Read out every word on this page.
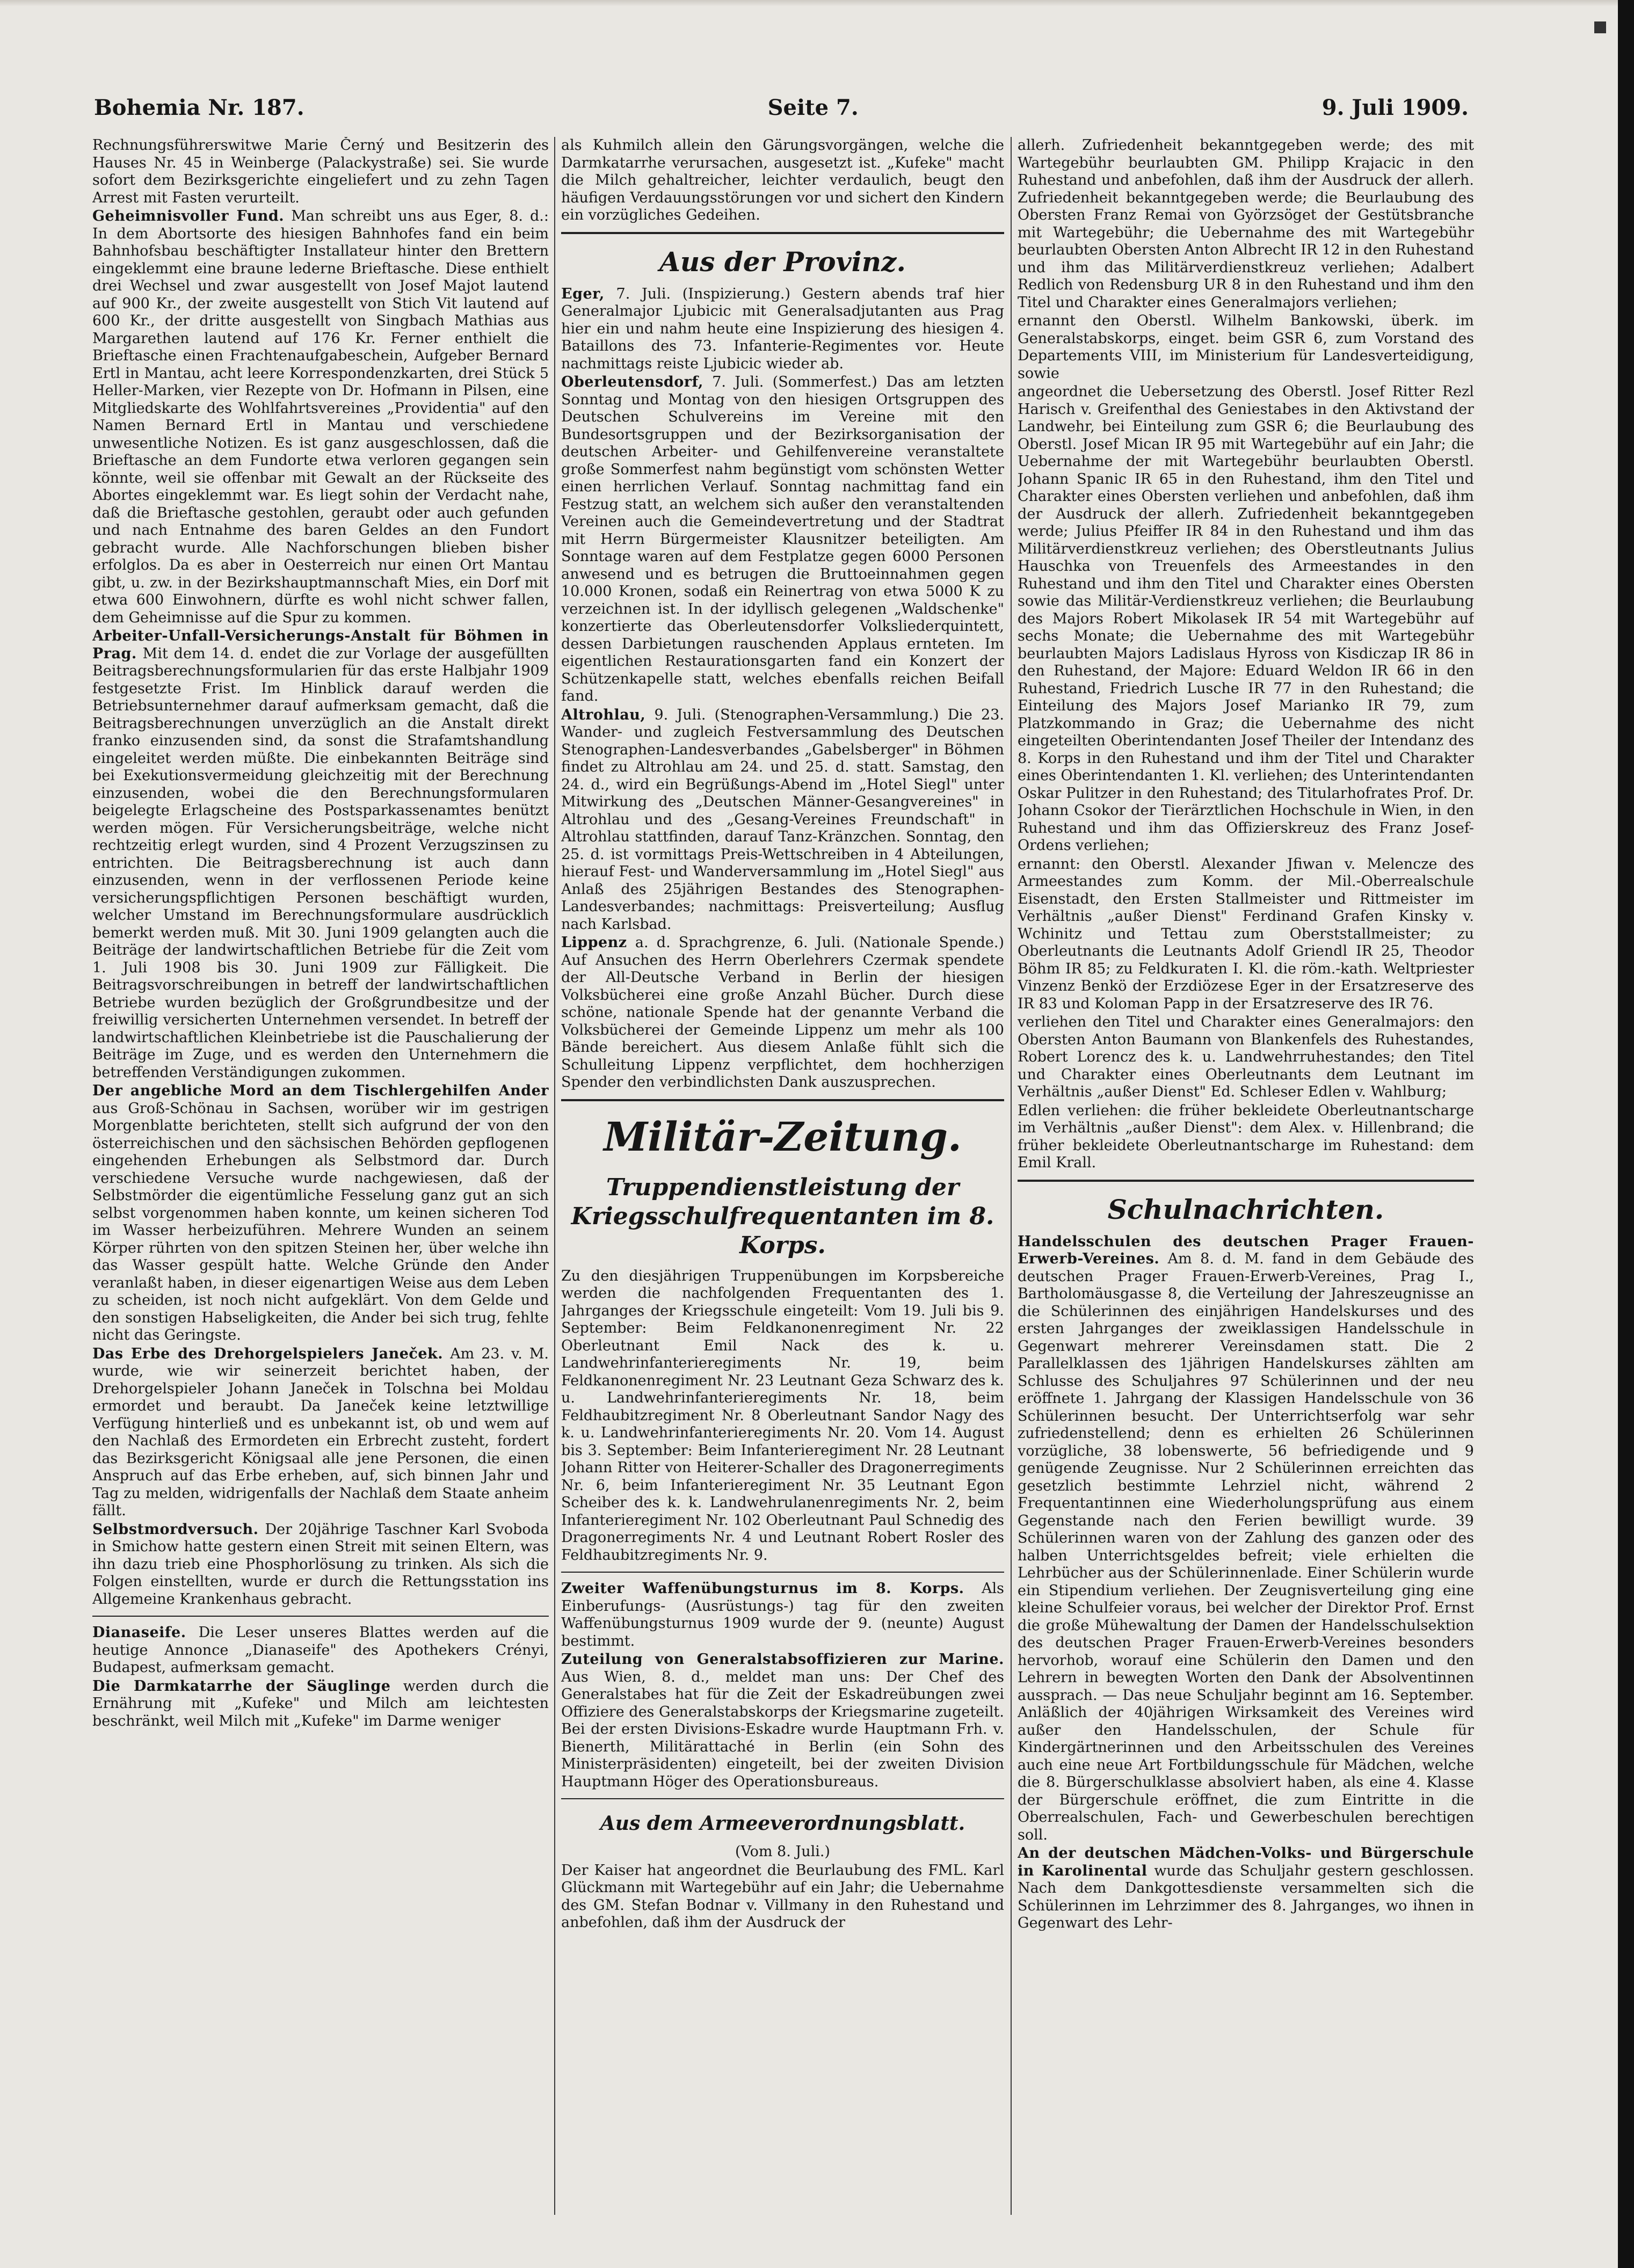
Bohemia Nr. 187.	Seite 7.	9. Juli 1909.

Rechnungsführerswitwe Marie Černý und Besitzerin des Hauses Nr. 45 in Weinberge (Palackystraße) sei. Sie wurde sofort dem Bezirksgerichte eingeliefert und zu zehn Tagen Arrest mit Fasten verurteilt.

Geheimnisvoller Fund. Man schreibt uns aus Eger, 8. d.: In dem Abortsorte des hiesigen Bahnhofes fand ein beim Bahnhofsbau beschäftigter Installateur hinter den Brettern eingeklemmt eine braune lederne Brieftasche. Diese enthielt drei Wechsel und zwar ausgestellt von Josef Majot lautend auf 900 Kr., der zweite ausgestellt von Stich Vit lautend auf 600 Kr., der dritte ausgestellt von Singbach Mathias aus Margarethen lautend auf 176 Kr. Ferner enthielt die Brieftasche einen Frachtenaufgabeschein, Aufgeber Bernard Ertl in Mantau, acht leere Korrespondenzkarten, drei Stück 5 Heller-Marken, vier Rezepte von Dr. Hofmann in Pilsen, eine Mitgliedskarte des Wohlfahrtsvereines „Providentia" auf den Namen Bernard Ertl in Mantau und verschiedene unwesentliche Notizen. Es ist ganz ausgeschlossen, daß die Brieftasche an dem Fundorte etwa verloren gegangen sein könnte, weil sie offenbar mit Gewalt an der Rückseite des Abortes eingeklemmt war. Es liegt sohin der Verdacht nahe, daß die Brieftasche gestohlen, geraubt oder auch gefunden und nach Entnahme des baren Geldes an den Fundort gebracht wurde. Alle Nachforschungen blieben bisher erfolglos. Da es aber in Oesterreich nur einen Ort Mantau gibt, u. zw. in der Bezirkshauptmannschaft Mies, ein Dorf mit etwa 600 Einwohnern, dürfte es wohl nicht schwer fallen, dem Geheimnisse auf die Spur zu kommen.

Arbeiter-Unfall-Versicherungs-Anstalt für Böhmen in Prag. Mit dem 14. d. endet die zur Vorlage der ausgefüllten Beitragsberechnungsformularien für das erste Halbjahr 1909 festgesetzte Frist. Im Hinblick darauf werden die Betriebsunternehmer darauf aufmerksam gemacht, daß die Beitragsberechnungen unverzüglich an die Anstalt direkt franko einzusenden sind, da sonst die Strafamtshandlung eingeleitet werden müßte. Die einbekannten Beiträge sind bei Exekutionsvermeidung gleichzeitig mit der Berechnung einzusenden, wobei die den Berechnungsformularen beigelegte Erlagscheine des Postsparkassenamtes benützt werden mögen. Für Versicherungsbeiträge, welche nicht rechtzeitig erlegt wurden, sind 4 Prozent Verzugszinsen zu entrichten. Die Beitragsberechnung ist auch dann einzusenden, wenn in der verflossenen Periode keine versicherungspflichtigen Personen beschäftigt wurden, welcher Umstand im Berechnungsformulare ausdrücklich bemerkt werden muß. Mit 30. Juni 1909 gelangten auch die Beiträge der landwirtschaftlichen Betriebe für die Zeit vom 1. Juli 1908 bis 30. Juni 1909 zur Fälligkeit. Die Beitragsvorschreibungen in betreff der landwirtschaftlichen Betriebe wurden bezüglich der Großgrundbesitze und der freiwillig versicherten Unternehmen versendet. In betreff der landwirtschaftlichen Kleinbetriebe ist die Pauschalierung der Beiträge im Zuge, und es werden den Unternehmern die betreffenden Verständigungen zukommen.

Der angebliche Mord an dem Tischlergehilfen Ander aus Groß-Schönau in Sachsen, worüber wir im gestrigen Morgenblatte berichteten, stellt sich aufgrund der von den österreichischen und den sächsischen Behörden gepflogenen eingehenden Erhebungen als Selbstmord dar. Durch verschiedene Versuche wurde nachgewiesen, daß der Selbstmörder die eigentümliche Fesselung ganz gut an sich selbst vorgenommen haben konnte, um keinen sicheren Tod im Wasser herbeizuführen. Mehrere Wunden an seinem Körper rührten von den spitzen Steinen her, über welche ihn das Wasser gespült hatte. Welche Gründe den Ander veranlaßt haben, in dieser eigenartigen Weise aus dem Leben zu scheiden, ist noch nicht aufgeklärt. Von dem Gelde und den sonstigen Habseligkeiten, die Ander bei sich trug, fehlte nicht das Geringste.

Das Erbe des Drehorgelspielers Janeček. Am 23. v. M. wurde, wie wir seinerzeit berichtet haben, der Drehorgelspieler Johann Janeček in Tolschna bei Moldau ermordet und beraubt. Da Janeček keine letztwillige Verfügung hinterließ und es unbekannt ist, ob und wem auf den Nachlaß des Ermordeten ein Erbrecht zusteht, fordert das Bezirksgericht Königsaal alle jene Personen, die einen Anspruch auf das Erbe erheben, auf, sich binnen Jahr und Tag zu melden, widrigenfalls der Nachlaß dem Staate anheim fällt.

Selbstmordversuch. Der 20jährige Taschner Karl Svoboda in Smichow hatte gestern einen Streit mit seinen Eltern, was ihn dazu trieb eine Phosphorlösung zu trinken. Als sich die Folgen einstellten, wurde er durch die Rettungsstation ins Allgemeine Krankenhaus gebracht.

Dianaseife. Die Leser unseres Blattes werden auf die heutige Annonce „Dianaseife" des Apothekers Crényi, Budapest, aufmerksam gemacht.

Die Darmkatarrhe der Säuglinge werden durch die Ernährung mit „Kufeke" und Milch am leichtesten beschränkt, weil Milch mit „Kufeke" im Darme weniger

als Kuhmilch allein den Gärungsvorgängen, welche die Darmkatarrhe verursachen, ausgesetzt ist. „Kufeke" macht die Milch gehaltreicher, leichter verdaulich, beugt den häufigen Verdauungsstörungen vor und sichert den Kindern ein vorzügliches Gedeihen.

Aus der Provinz.

Eger, 7. Juli. (Inspizierung.) Gestern abends traf hier Generalmajor Ljubicic mit Generalsadjutanten aus Prag hier ein und nahm heute eine Inspizierung des hiesigen 4. Bataillons des 73. Infanterie-Regimentes vor. Heute nachmittags reiste Ljubicic wieder ab.

Oberleutensdorf, 7. Juli. (Sommerfest.) Das am letzten Sonntag und Montag von den hiesigen Ortsgruppen des Deutschen Schulvereins im Vereine mit den Bundesortsgruppen und der Bezirksorganisation der deutschen Arbeiter- und Gehilfenvereine veranstaltete große Sommerfest nahm begünstigt vom schönsten Wetter einen herrlichen Verlauf. Sonntag nachmittag fand ein Festzug statt, an welchem sich außer den veranstaltenden Vereinen auch die Gemeindevertretung und der Stadtrat mit Herrn Bürgermeister Klausnitzer beteiligten. Am Sonntage waren auf dem Festplatze gegen 6000 Personen anwesend und es betrugen die Bruttoeinnahmen gegen 10.000 Kronen, sodaß ein Reinertrag von etwa 5000 K zu verzeichnen ist. In der idyllisch gelegenen „Waldschenke" konzertierte das Oberleutensdorfer Volksliederquintett, dessen Darbietungen rauschenden Applaus ernteten. Im eigentlichen Restaurationsgarten fand ein Konzert der Schützenkapelle statt, welches ebenfalls reichen Beifall fand.

Altrohlau, 9. Juli. (Stenographen-Versammlung.) Die 23. Wander- und zugleich Festversammlung des Deutschen Stenographen-Landesverbandes „Gabelsberger" in Böhmen findet zu Altrohlau am 24. und 25. d. statt. Samstag, den 24. d., wird ein Begrüßungs-Abend im „Hotel Siegl" unter Mitwirkung des „Deutschen Männer-Gesangvereines" in Altrohlau und des „Gesang-Vereines Freundschaft" in Altrohlau stattfinden, darauf Tanz-Kränzchen. Sonntag, den 25. d. ist vormittags Preis-Wettschreiben in 4 Abteilungen, hierauf Fest- und Wanderversammlung im „Hotel Siegl" aus Anlaß des 25jährigen Bestandes des Stenographen-Landesverbandes; nachmittags: Preisverteilung; Ausflug nach Karlsbad.

Lippenz a. d. Sprachgrenze, 6. Juli. (Nationale Spende.) Auf Ansuchen des Herrn Oberlehrers Czermak spendete der All-Deutsche Verband in Berlin der hiesigen Volksbücherei eine große Anzahl Bücher. Durch diese schöne, nationale Spende hat der genannte Verband die Volksbücherei der Gemeinde Lippenz um mehr als 100 Bände bereichert. Aus diesem Anlaße fühlt sich die Schulleitung Lippenz verpflichtet, dem hochherzigen Spender den verbindlichsten Dank auszusprechen.

Militär-Zeitung.
Truppendienstleistung der Kriegsschulfrequentanten im 8. Korps.

Zu den diesjährigen Truppenübungen im Korpsbereiche werden die nachfolgenden Frequentanten des 1. Jahrganges der Kriegsschule eingeteilt: Vom 19. Juli bis 9. September: Beim Feldkanonenregiment Nr. 22 Oberleutnant Emil Nack des k. u. Landwehrinfanterieregiments Nr. 19, beim Feldkanonenregiment Nr. 23 Leutnant Geza Schwarz des k. u. Landwehrinfanterieregiments Nr. 18, beim Feldhaubitzregiment Nr. 8 Oberleutnant Sandor Nagy des k. u. Landwehrinfanterieregiments Nr. 20. Vom 14. August bis 3. September: Beim Infanterieregiment Nr. 28 Leutnant Johann Ritter von Heiterer-Schaller des Dragonerregiments Nr. 6, beim Infanterieregiment Nr. 35 Leutnant Egon Scheiber des k. k. Landwehrulanenregiments Nr. 2, beim Infanterieregiment Nr. 102 Oberleutnant Paul Schnedig des Dragonerregiments Nr. 4 und Leutnant Robert Rosler des Feldhaubitzregiments Nr. 9.

Zweiter Waffenübungsturnus im 8. Korps. Als Einberufungs- (Ausrüstungs-) tag für den zweiten Waffenübungsturnus 1909 wurde der 9. (neunte) August bestimmt.

Zuteilung von Generalstabsoffizieren zur Marine. Aus Wien, 8. d., meldet man uns: Der Chef des Generalstabes hat für die Zeit der Eskadreübungen zwei Offiziere des Generalstabskorps der Kriegsmarine zugeteilt. Bei der ersten Divisions-Eskadre wurde Hauptmann Frh. v. Bienerth, Militärattaché in Berlin (ein Sohn des Ministerpräsidenten) eingeteilt, bei der zweiten Division Hauptmann Höger des Operationsbureaus.

Aus dem Armeeverordnungsblatt.

(Vom 8. Juli.)

Der Kaiser hat angeordnet die Beurlaubung des FML. Karl Glückmann mit Wartegebühr auf ein Jahr; die Uebernahme des GM. Stefan Bodnar v. Villmany in den Ruhestand und anbefohlen, daß ihm der Ausdruck der

allerh. Zufriedenheit bekanntgegeben werde; des mit Wartegebühr beurlaubten GM. Philipp Krajacic in den Ruhestand und anbefohlen, daß ihm der Ausdruck der allerh. Zufriedenheit bekanntgegeben werde; die Beurlaubung des Obersten Franz Remai von Györzsöget der Gestütsbranche mit Wartegebühr; die Uebernahme des mit Wartegebühr beurlaubten Obersten Anton Albrecht IR 12 in den Ruhestand und ihm das Militärverdienstkreuz verliehen; Adalbert Redlich von Redensburg UR 8 in den Ruhestand und ihm den Titel und Charakter eines Generalmajors verliehen;

ernannt den Oberstl. Wilhelm Bankowski, überk. im Generalstabskorps, einget. beim GSR 6, zum Vorstand des Departements VIII, im Ministerium für Landesverteidigung, sowie

angeordnet die Uebersetzung des Oberstl. Josef Ritter Rezl Harisch v. Greifenthal des Geniestabes in den Aktivstand der Landwehr, bei Einteilung zum GSR 6; die Beurlaubung des Oberstl. Josef Mican IR 95 mit Wartegebühr auf ein Jahr; die Uebernahme der mit Wartegebühr beurlaubten Oberstl. Johann Spanic IR 65 in den Ruhestand, ihm den Titel und Charakter eines Obersten verliehen und anbefohlen, daß ihm der Ausdruck der allerh. Zufriedenheit bekanntgegeben werde; Julius Pfeiffer IR 84 in den Ruhestand und ihm das Militärverdienstkreuz verliehen; des Oberstleutnants Julius Hauschka von Treuenfels des Armeestandes in den Ruhestand und ihm den Titel und Charakter eines Obersten sowie das Militär-Verdienstkreuz verliehen; die Beurlaubung des Majors Robert Mikolasek IR 54 mit Wartegebühr auf sechs Monate; die Uebernahme des mit Wartegebühr beurlaubten Majors Ladislaus Hyross von Kisdiczap IR 86 in den Ruhestand, der Majore: Eduard Weldon IR 66 in den Ruhestand, Friedrich Lusche IR 77 in den Ruhestand; die Einteilung des Majors Josef Marianko IR 79, zum Platzkommando in Graz; die Uebernahme des nicht eingeteilten Oberintendanten Josef Theiler der Intendanz des 8. Korps in den Ruhestand und ihm der Titel und Charakter eines Oberintendanten 1. Kl. verliehen; des Unterintendanten Oskar Pulitzer in den Ruhestand; des Titularhofrates Prof. Dr. Johann Csokor der Tierärztlichen Hochschule in Wien, in den Ruhestand und ihm das Offizierskreuz des Franz Josef-Ordens verliehen;

ernannt: den Oberstl. Alexander Jfiwan v. Melencze des Armeestandes zum Komm. der Mil.-Oberrealschule Eisenstadt, den Ersten Stallmeister und Rittmeister im Verhältnis „außer Dienst" Ferdinand Grafen Kinsky v. Wchinitz und Tettau zum Oberststallmeister; zu Oberleutnants die Leutnants Adolf Griendl IR 25, Theodor Böhm IR 85; zu Feldkuraten I. Kl. die röm.-kath. Weltpriester Vinzenz Benkö der Erzdiözese Eger in der Ersatzreserve des IR 83 und Koloman Papp in der Ersatzreserve des IR 76.

verliehen den Titel und Charakter eines Generalmajors: den Obersten Anton Baumann von Blankenfels des Ruhestandes, Robert Lorencz des k. u. Landwehrruhestandes; den Titel und Charakter eines Oberleutnants dem Leutnant im Verhältnis „außer Dienst" Ed. Schleser Edlen v. Wahlburg;

Edlen verliehen: die früher bekleidete Oberleutnantscharge im Verhältnis „außer Dienst": dem Alex. v. Hillenbrand; die früher bekleidete Oberleutnantscharge im Ruhestand: dem Emil Krall.

Schulnachrichten.

Handelsschulen des deutschen Prager Frauen-Erwerb-Vereines. Am 8. d. M. fand in dem Gebäude des deutschen Prager Frauen-Erwerb-Vereines, Prag I., Bartholomäusgasse 8, die Verteilung der Jahreszeugnisse an die Schülerinnen des einjährigen Handelskurses und des ersten Jahrganges der zweiklassigen Handelsschule in Gegenwart mehrerer Vereinsdamen statt. Die 2 Parallelklassen des 1jährigen Handelskurses zählten am Schlusse des Schuljahres 97 Schülerinnen und der neu eröffnete 1. Jahrgang der Klassigen Handelsschule von 36 Schülerinnen besucht. Der Unterrichtserfolg war sehr zufriedenstellend; denn es erhielten 26 Schülerinnen vorzügliche, 38 lobenswerte, 56 befriedigende und 9 genügende Zeugnisse. Nur 2 Schülerinnen erreichten das gesetzlich bestimmte Lehrziel nicht, während 2 Frequentantinnen eine Wiederholungsprüfung aus einem Gegenstande nach den Ferien bewilligt wurde. 39 Schülerinnen waren von der Zahlung des ganzen oder des halben Unterrichtsgeldes befreit; viele erhielten die Lehrbücher aus der Schülerinnenlade. Einer Schülerin wurde ein Stipendium verliehen. Der Zeugnisverteilung ging eine kleine Schulfeier voraus, bei welcher der Direktor Prof. Ernst die große Mühewaltung der Damen der Handelsschulsektion des deutschen Prager Frauen-Erwerb-Vereines besonders hervorhob, worauf eine Schülerin den Damen und den Lehrern in bewegten Worten den Dank der Absolventinnen aussprach. — Das neue Schuljahr beginnt am 16. September. Anläßlich der 40jährigen Wirksamkeit des Vereines wird außer den Handelsschulen, der Schule für Kindergärtnerinnen und den Arbeitsschulen des Vereines auch eine neue Art Fortbildungsschule für Mädchen, welche die 8. Bürgerschulklasse absolviert haben, als eine 4. Klasse der Bürgerschule eröffnet, die zum Eintritte in die Oberrealschulen, Fach- und Gewerbeschulen berechtigen soll.

An der deutschen Mädchen-Volks- und Bürgerschule in Karolinental wurde das Schuljahr gestern geschlossen. Nach dem Dankgottesdienste versammelten sich die Schülerinnen im Lehrzimmer des 8. Jahrganges, wo ihnen in Gegenwart des Lehr-
